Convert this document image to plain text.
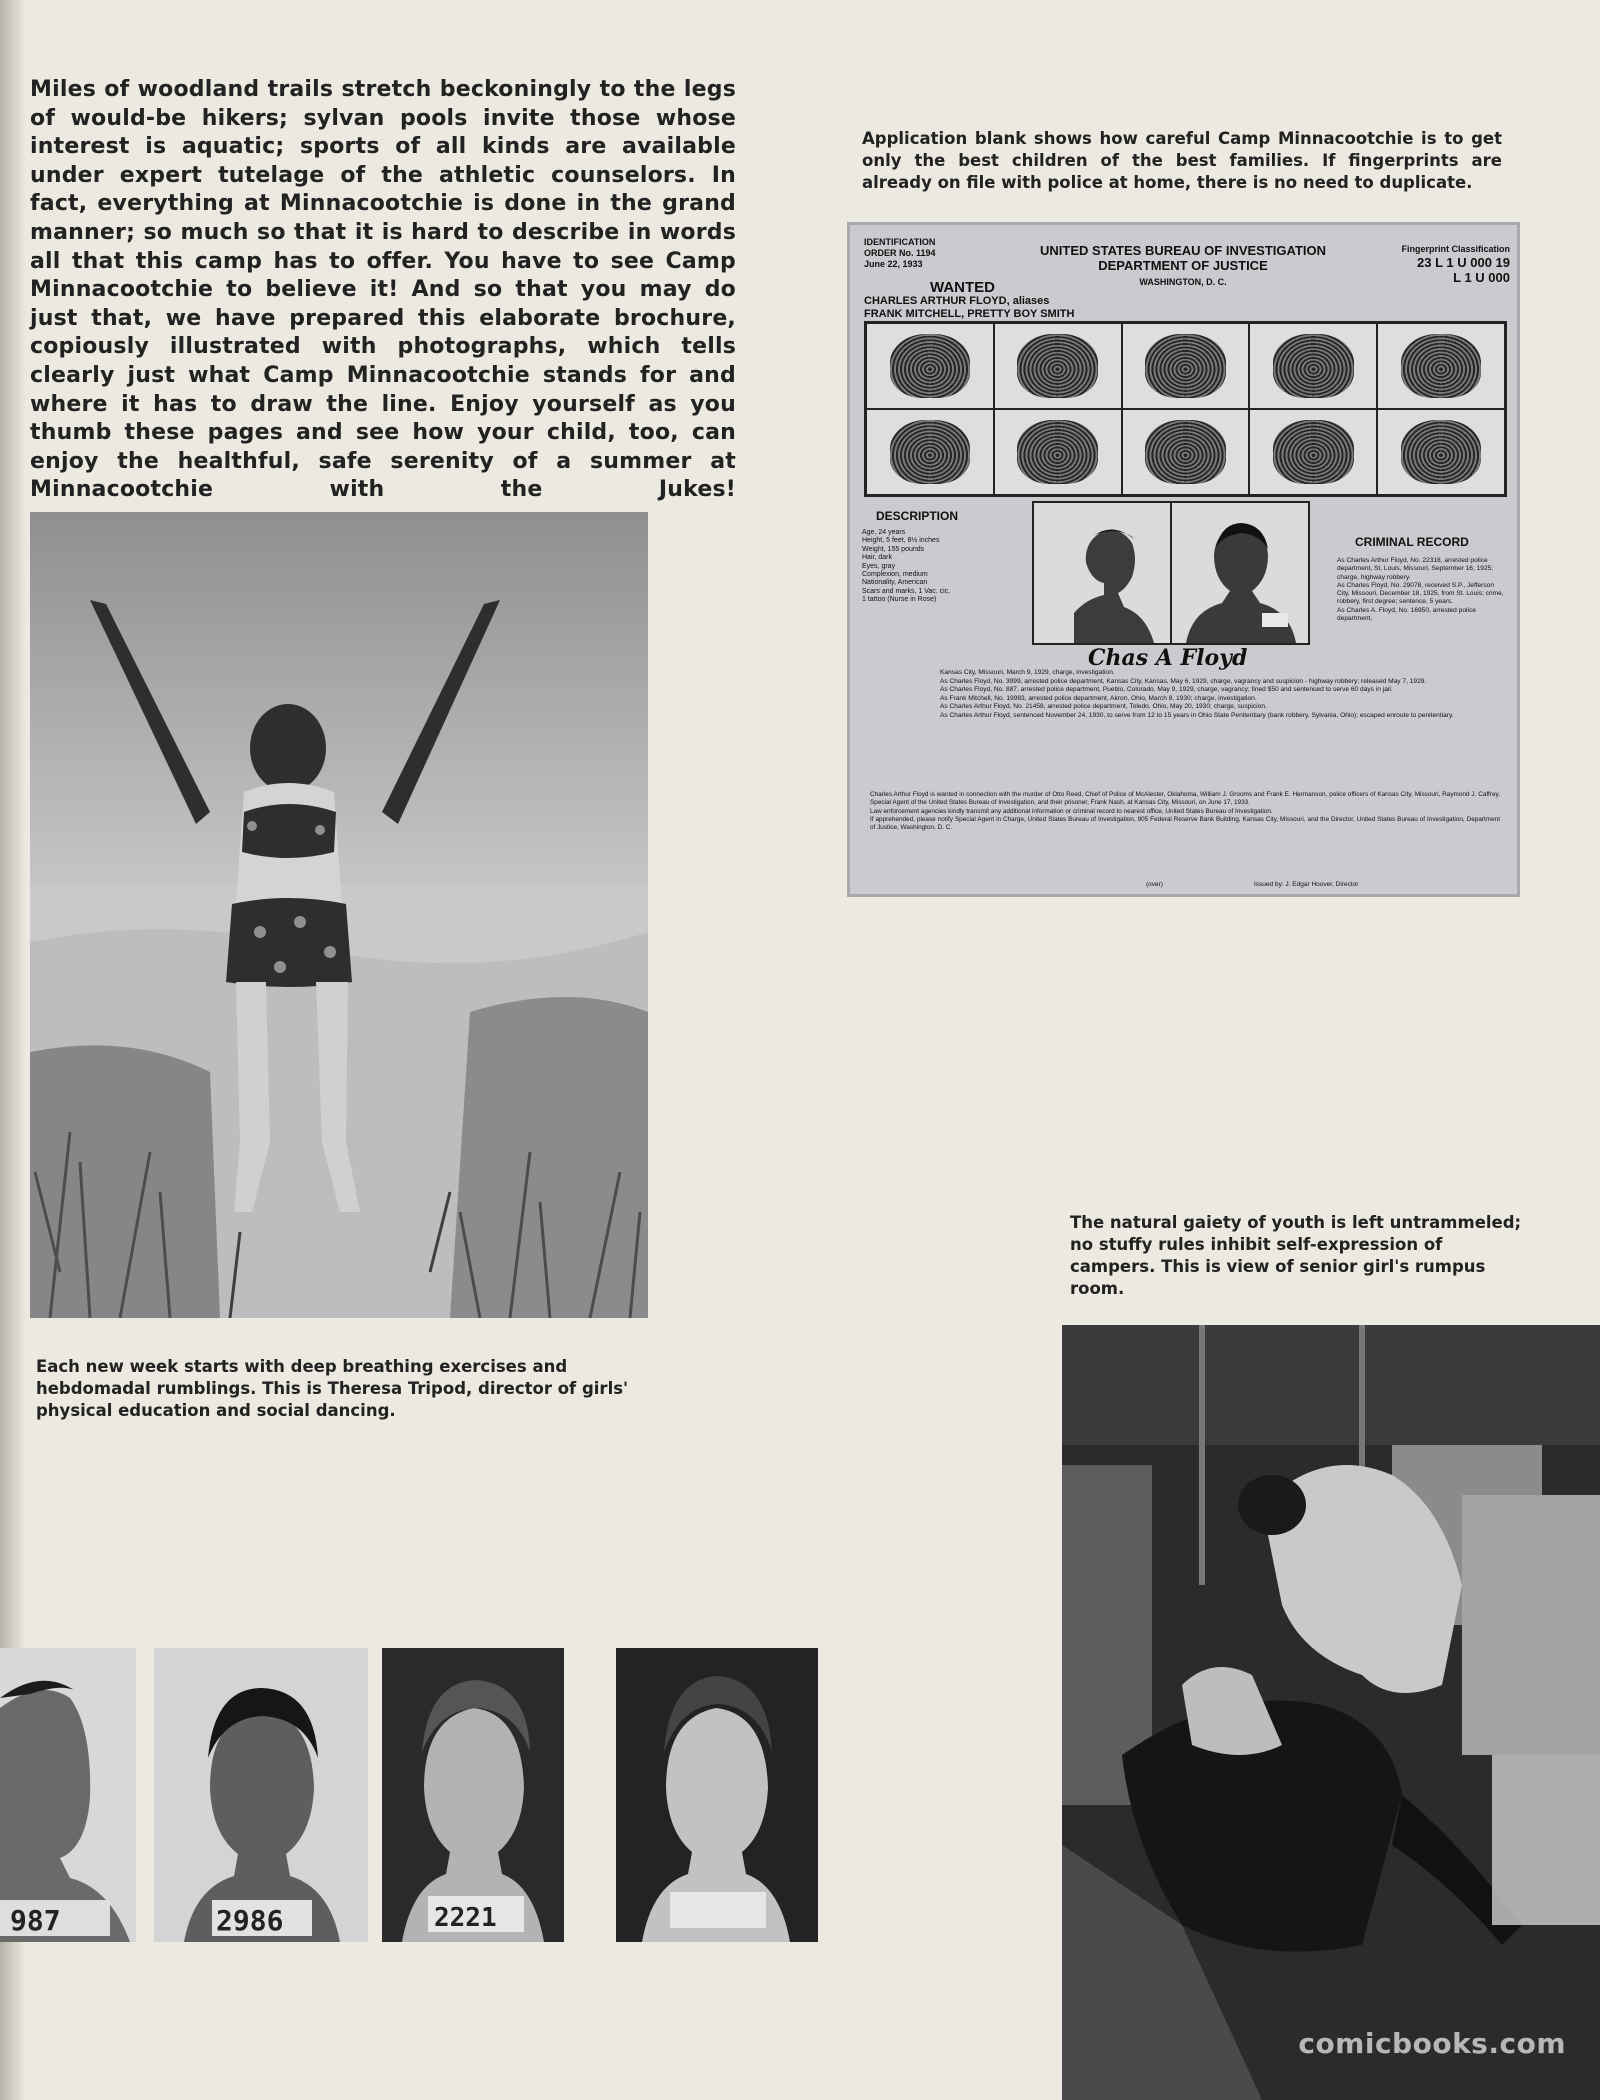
Miles of woodland trails stretch beckoningly to the legs of would-be hikers; sylvan pools invite those whose interest is aquatic; sports of all kinds are available under expert tutelage of the athletic counselors. In fact, everything at Minnacootchie is done in the grand manner; so much so that it is hard to describe in words all that this camp has to offer. You have to see Camp Minnacootchie to believe it! And so that you may do just that, we have prepared this elaborate brochure, copiously illustrated with photographs, which tells clearly just what Camp Minnacootchie stands for and where it has to draw the line. Enjoy yourself as you thumb these pages and see how your child, too, can enjoy the healthful, safe serenity of a summer at Minnacootchie with the Jukes!

Application blank shows how careful Camp Minnacootchie is to get only the best children of the best families. If fingerprints are already on file with police at home, there is no need to duplicate.

IDENTIFICATION
ORDER No. 1194
June 22, 1933
UNITED STATES BUREAU OF INVESTIGATION
DEPARTMENT OF JUSTICE
WASHINGTON, D. C.
Fingerprint Classification
23 L 1 U 000 19
L 1 U 000
WANTED
CHARLES ARTHUR FLOYD, aliases
FRANK MITCHELL, PRETTY BOY SMITH
DESCRIPTION
Age, 24 years
Height, 5 feet, 8½ inches
Weight, 155 pounds
Hair, dark
Eyes, gray
Complexion, medium
Nationality, American
Scars and marks, 1 Vac. cic.
1 tattoo (Nurse in Rose)
Chas A Floyd
CRIMINAL RECORD
As Charles Arthur Floyd, No. 22318, arrested police department, St. Louis, Missouri, September 16, 1925; charge, highway robbery.
As Charles Floyd, No. 29078, received S.P., Jefferson City, Missouri, December 18, 1925, from St. Louis; crime, robbery, first degree; sentence, 5 years.
As Charles A. Floyd, No. 16950, arrested police department,
Kansas City, Missouri, March 9, 1929, charge, investigation.
As Charles Floyd, No. 3999, arrested police department, Kansas City, Kansas, May 6, 1929, charge, vagrancy and suspicion - highway robbery; released May 7, 1929.
As Charles Floyd, No. 887, arrested police department, Pueblo, Colorado, May 9, 1929, charge, vagrancy; fined $50 and sentenced to serve 60 days in jail.
As Frank Mitchell, No. 19983, arrested police department, Akron, Ohio, March 8, 1930; charge, investigation.
As Charles Arthur Floyd, No. 21458, arrested police department, Toledo, Ohio, May 20, 1930; charge, suspicion.
As Charles Arthur Floyd, sentenced November 24, 1930, to serve from 12 to 15 years in Ohio State Penitentiary (bank robbery, Sylvania, Ohio); escaped enroute to penitentiary.
Charles Arthur Floyd is wanted in connection with the murder of Otto Reed, Chief of Police of McAlester, Oklahoma, William J. Grooms and Frank E. Hermanson, police officers of Kansas City, Missouri, Raymond J. Caffrey, Special Agent of the United States Bureau of Investigation, and their prisoner, Frank Nash, at Kansas City, Missouri, on June 17, 1933.
Law enforcement agencies kindly transmit any additional information or criminal record to nearest office, United States Bureau of Investigation.
If apprehended, please notify Special Agent in Charge, United States Bureau of Investigation, 905 Federal Reserve Bank Building, Kansas City, Missouri, and the Director, United States Bureau of Investigation, Department of Justice, Washington, D. C.
(over)	Issued by: J. Edgar Hoover, Director

Each new week starts with deep breathing exercises and hebdomadal rumblings. This is Theresa Tripod, director of girls' physical education and social dancing.

The natural gaiety of youth is left untrammeled; no stuffy rules inhibit self-expression of campers. This is view of senior girl's rumpus room.

987	2986	2221
comicbooks.com
